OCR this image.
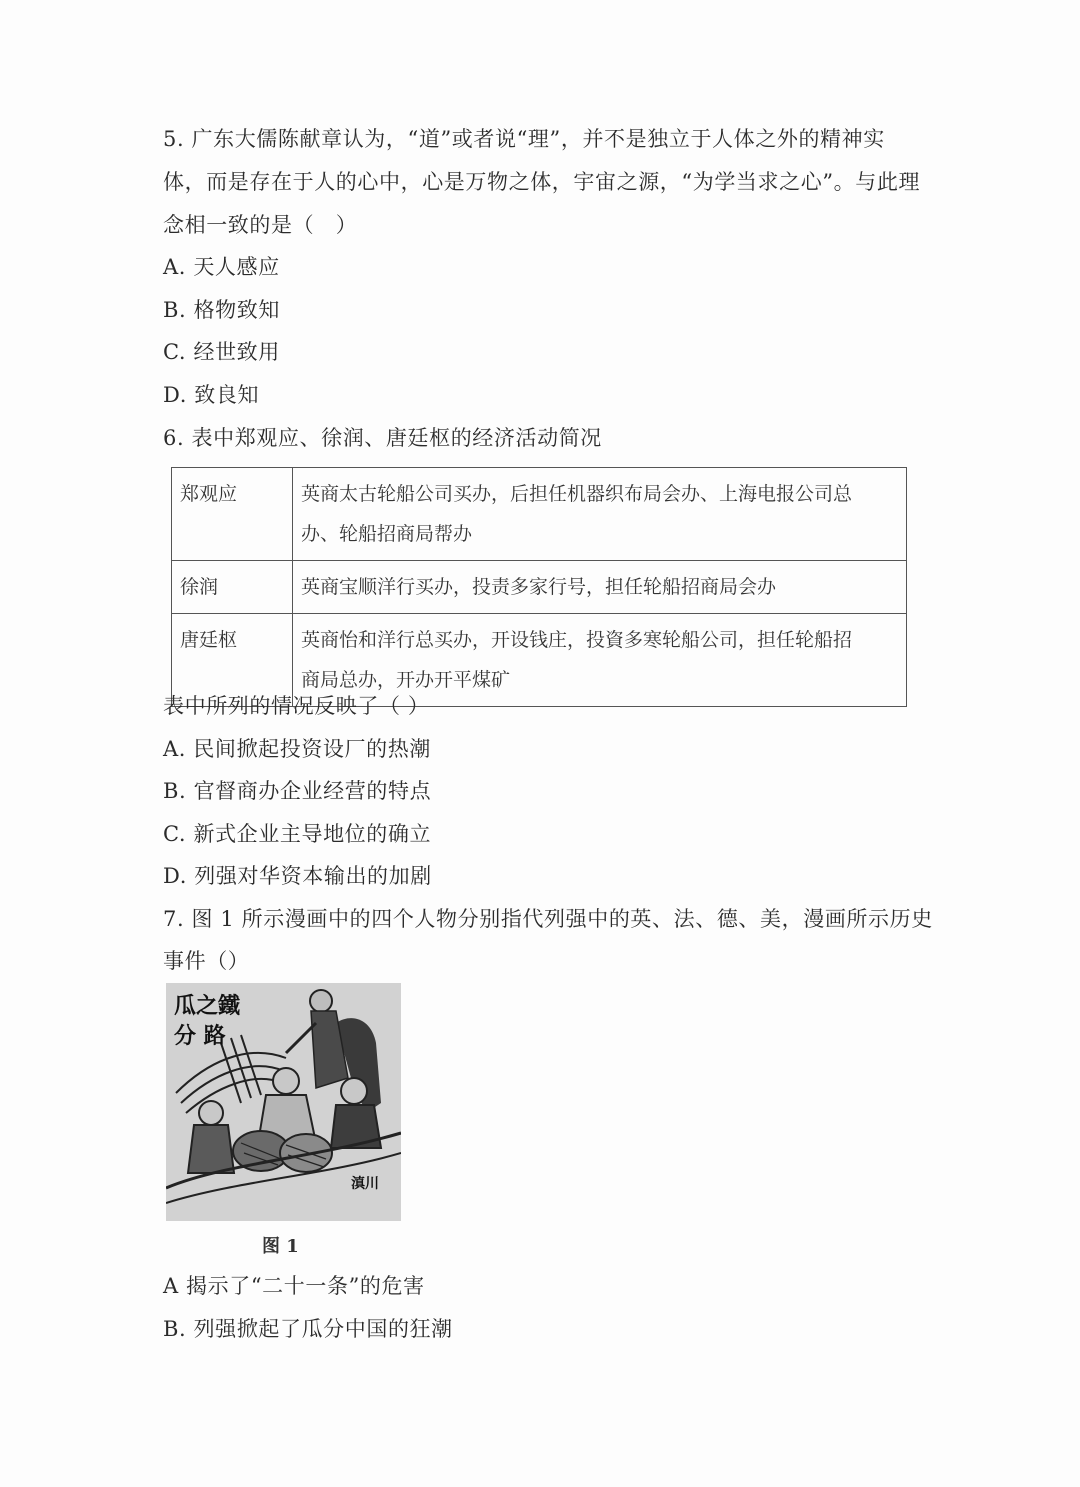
5. 广东大儒陈献章认为，“道”或者说“理”，并不是独立于人体之外的精神实
体，而是存在于人的心中，心是万物之体，宇宙之源，“为学当求之心”。与此理
念相一致的是（　）
A. 天人感应
B. 格物致知
C. 经世致用
D. 致良知
6. 表中郑观应、徐润、唐廷枢的经济活动简况
郑观应	英商太古轮船公司买办，后担任机器织布局会办、上海电报公司总
办、轮船招商局帮办

徐润	英商宝顺洋行买办，投责多家行号，担任轮船招商局会办

唐廷枢	英商怡和洋行总买办，开设钱庄，投資多寒轮船公司，担任轮船招
商局总办，开办开平煤矿
表中所列的情况反映了（ ）
A. 民间掀起投资设厂的热潮
B. 官督商办企业经营的特点
C. 新式企业主导地位的确立
D. 列强对华资本输出的加剧
7. 图 1 所示漫画中的四个人物分别指代列强中的英、法、德、美，漫画所示历史
事件（）
瓜之鐵
分 路
滇川
图 1
A 揭示了“二十一条”的危害
B. 列强掀起了瓜分中国的狂潮
